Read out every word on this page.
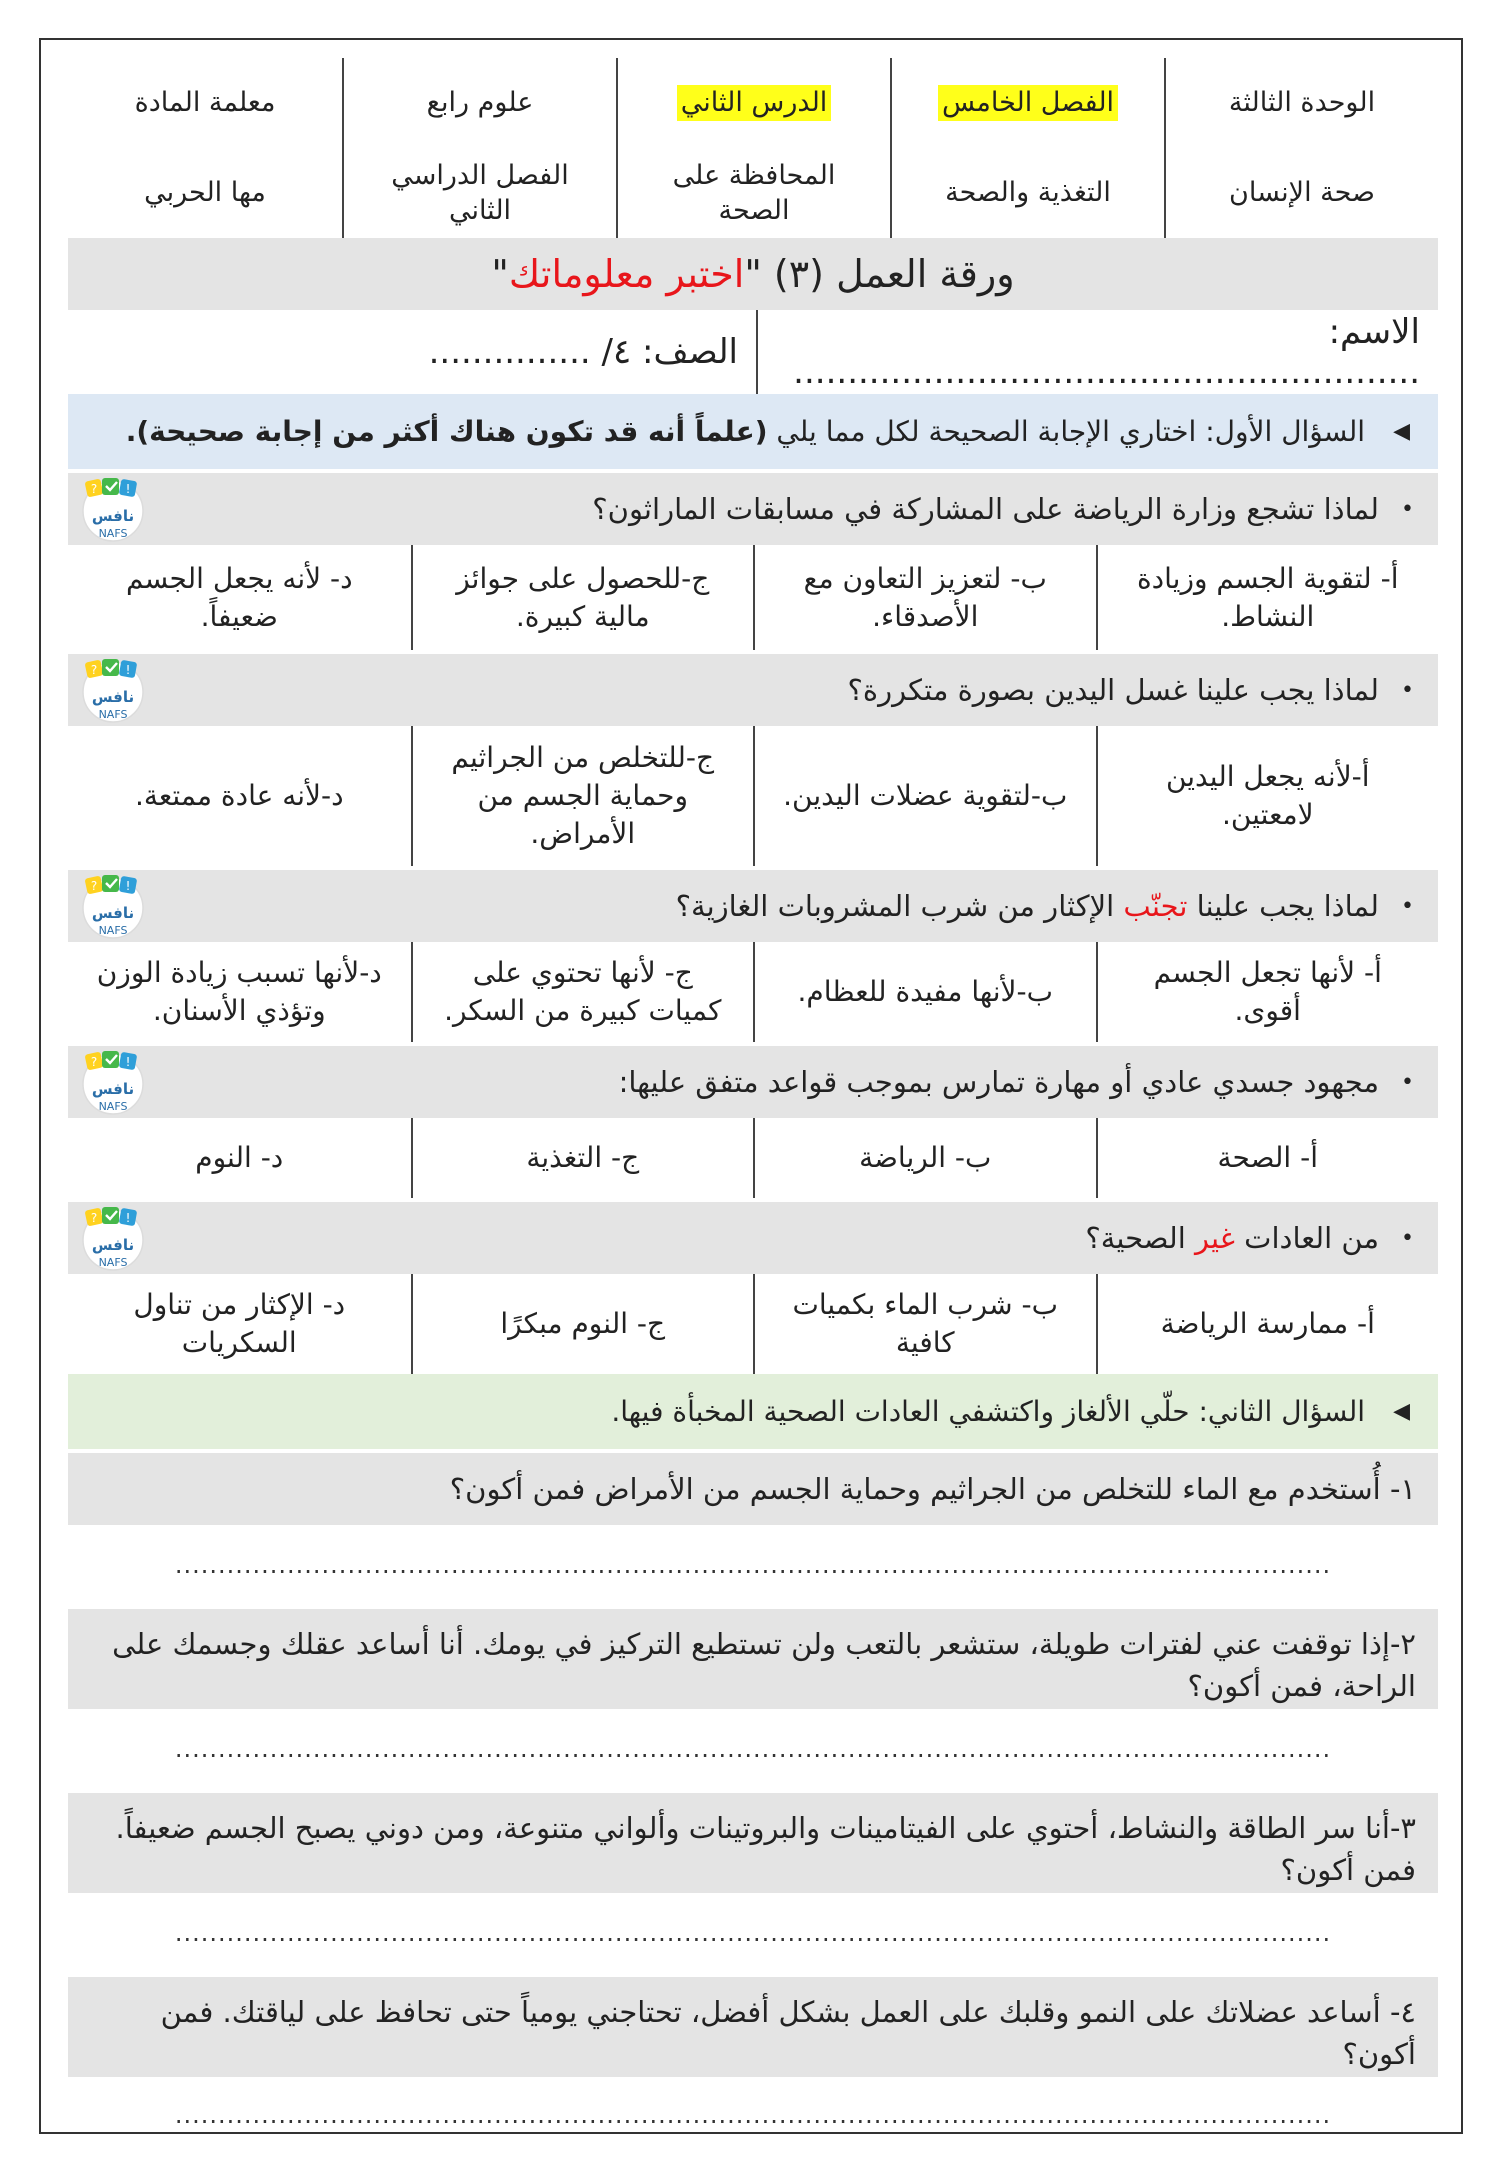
الوحدة الثالثة
صحة الإنسان
الفصل الخامس
التغذية والصحة
الدرس الثاني
المحافظة على الصحة
علوم رابع
الفصل الدراسي الثاني
معلمة المادة
مها الحربي
ورقة العمل (٣) "
اختبر معلوماتك
"
الاسم: ..........................................................
الصف: ٤/ ...............
◀
السؤال الأول: اختاري الإجابة الصحيحة لكل مما يلي

(علماً أنه قد تكون هناك أكثر من إجابة صحيحة).
•
لماذا تشجع وزارة الرياضة على المشاركة في مسابقات الماراثون؟
? !
نافس
NAFS
أ- لتقوية الجسم وزيادة النشاط.
ب- لتعزيز التعاون مع الأصدقاء.
ج-للحصول على جوائز مالية كبيرة.
د- لأنه يجعل الجسم ضعيفاً.
•
لماذا يجب علينا غسل اليدين بصورة متكررة؟
? !
نافس
NAFS
أ-لأنه يجعل اليدين لامعتين.
ب-لتقوية عضلات اليدين.
ج-للتخلص من الجراثيم وحماية الجسم من الأمراض.
د-لأنه عادة ممتعة.
•
لماذا يجب علينا تجنّب الإكثار من شرب المشروبات الغازية؟
? !
نافس
NAFS
أ- لأنها تجعل الجسم أقوى.
ب-لأنها مفيدة للعظام.
ج- لأنها تحتوي على كميات كبيرة من السكر.
د-لأنها تسبب زيادة الوزن وتؤذي الأسنان.
•
مجهود جسدي عادي أو مهارة تمارس بموجب قواعد متفق عليها:
? !
نافس
NAFS
أ- الصحة
ب- الرياضة
ج- التغذية
د- النوم
•
من العادات غير الصحية؟
? !
نافس
NAFS
أ- ممارسة الرياضة
ب- شرب الماء بكميات كافية
ج- النوم مبكرًا
د- الإكثار من تناول السكريات
◀
السؤال الثاني: حلّي الألغاز واكتشفي العادات الصحية المخبأة فيها.
١- أُستخدم مع الماء للتخلص من الجراثيم وحماية الجسم من الأمراض فمن أكون؟
......................................................................................................................................
٢-إذا توقفت عني لفترات طويلة، ستشعر بالتعب ولن تستطيع التركيز في يومك. أنا أساعد عقلك وجسمك على الراحة، فمن أكون؟
......................................................................................................................................
٣-أنا سر الطاقة والنشاط، أحتوي على الفيتامينات والبروتينات وألواني متنوعة، ومن دوني يصبح الجسم ضعيفاً. فمن أكون؟
......................................................................................................................................
٤- أساعد عضلاتك على النمو وقلبك على العمل بشكل أفضل، تحتاجني يومياً حتى تحافظ على لياقتك. فمن أكون؟
......................................................................................................................................
